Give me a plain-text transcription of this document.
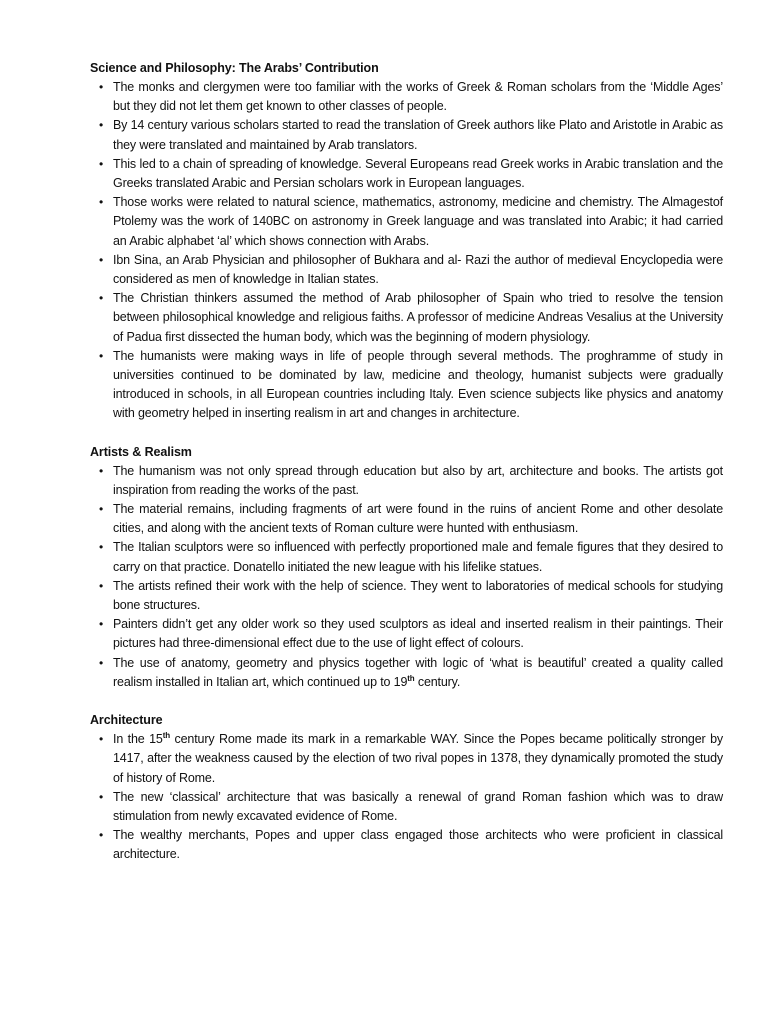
Science and Philosophy: The Arabs’ Contribution

• The monks and clergymen were too familiar with the works of Greek & Roman scholars from the ‘Middle Ages’ but they did not let them get known to other classes of people.
• By 14 century various scholars started to read the translation of Greek authors like Plato and Aristotle in Arabic as they were translated and maintained by Arab translators.
• This led to a chain of spreading of knowledge. Several Europeans read Greek works in Arabic translation and the Greeks translated Arabic and Persian scholars work in European languages.
• Those works were related to natural science, mathematics, astronomy, medicine and chemistry. The Almagestof Ptolemy was the work of 140BC on astronomy in Greek language and was translated into Arabic; it had carried an Arabic alphabet ‘al’ which shows connection with Arabs.
• Ibn Sina, an Arab Physician and philosopher of Bukhara and al- Razi the author of medieval Encyclopedia were considered as men of knowledge in Italian states.
• The Christian thinkers assumed the method of Arab philosopher of Spain who tried to resolve the tension between philosophical knowledge and religious faiths. A professor of medicine Andreas Vesalius at the University of Padua first dissected the human body, which was the beginning of modern physiology.
• The humanists were making ways in life of people through several methods. The proghramme of study in universities continued to be dominated by law, medicine and theology, humanist subjects were gradually introduced in schools, in all European countries including Italy. Even science subjects like physics and anatomy with geometry helped in inserting realism in art and changes in architecture.

Artists & Realism

• The humanism was not only spread through education but also by art, architecture and books. The artists got inspiration from reading the works of the past.
• The material remains, including fragments of art were found in the ruins of ancient Rome and other desolate cities, and along with the ancient texts of Roman culture were hunted with enthusiasm.
• The Italian sculptors were so influenced with perfectly proportioned male and female figures that they desired to carry on that practice. Donatello initiated the new league with his lifelike statues.
• The artists refined their work with the help of science. They went to laboratories of medical schools for studying bone structures.
• Painters didn’t get any older work so they used sculptors as ideal and inserted realism in their paintings. Their pictures had three-dimensional effect due to the use of light effect of colours.
• The use of anatomy, geometry and physics together with logic of ‘what is beautiful’ created a quality called realism installed in Italian art, which continued up to 19th century.

Architecture

• In the 15th century Rome made its mark in a remarkable WAY. Since the Popes became politically stronger by 1417, after the weakness caused by the election of two rival popes in 1378, they dynamically promoted the study of history of Rome.
• The new ‘classical’ architecture that was basically a renewal of grand Roman fashion which was to draw stimulation from newly excavated evidence of Rome.
• The wealthy merchants, Popes and upper class engaged those architects who were proficient in classical architecture.
